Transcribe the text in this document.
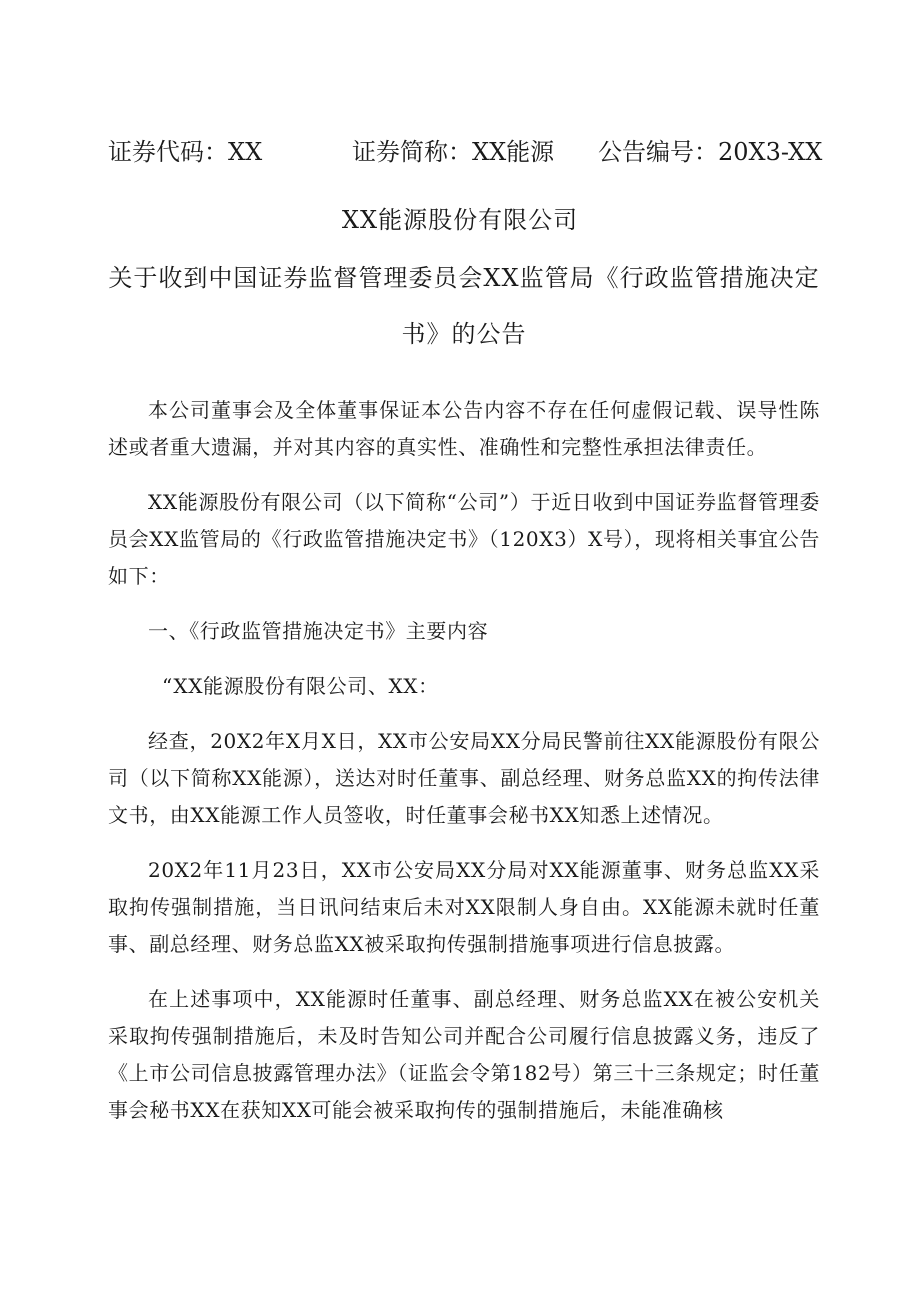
证券代码：XX	证券简称：XX能源 公告编号：20X3-XX
XX能源股份有限公司
关于收到中国证券监督管理委员会XX监管局《行政监管措施决定书》的公告

本公司董事会及全体董事保证本公告内容不存在任何虚假记载、误导性陈述或者重大遗漏，并对其内容的真实性、准确性和完整性承担法律责任。

XX能源股份有限公司（以下简称“公司”）于近日收到中国证券监督管理委员会XX监管局的《行政监管措施决定书》（120X3）X号），现将相关事宜公告如下：

一、《行政监管措施决定书》主要内容

“XX能源股份有限公司、XX：

经查，20X2年X月X日，XX市公安局XX分局民警前往XX能源股份有限公司（以下简称XX能源），送达对时任董事、副总经理、财务总监XX的拘传法律文书，由XX能源工作人员签收，时任董事会秘书XX知悉上述情况。

20X2年11月23日，XX市公安局XX分局对XX能源董事、财务总监XX采取拘传强制措施，当日讯问结束后未对XX限制人身自由。XX能源未就时任董事、副总经理、财务总监XX被采取拘传强制措施事项进行信息披露。

在上述事项中，XX能源时任董事、副总经理、财务总监XX在被公安机关采取拘传强制措施后，未及时告知公司并配合公司履行信息披露义务，违反了《上市公司信息披露管理办法》（证监会令第182号）第三十三条规定；时任董事会秘书XX在获知XX可能会被采取拘传的强制措施后，未能准确核
